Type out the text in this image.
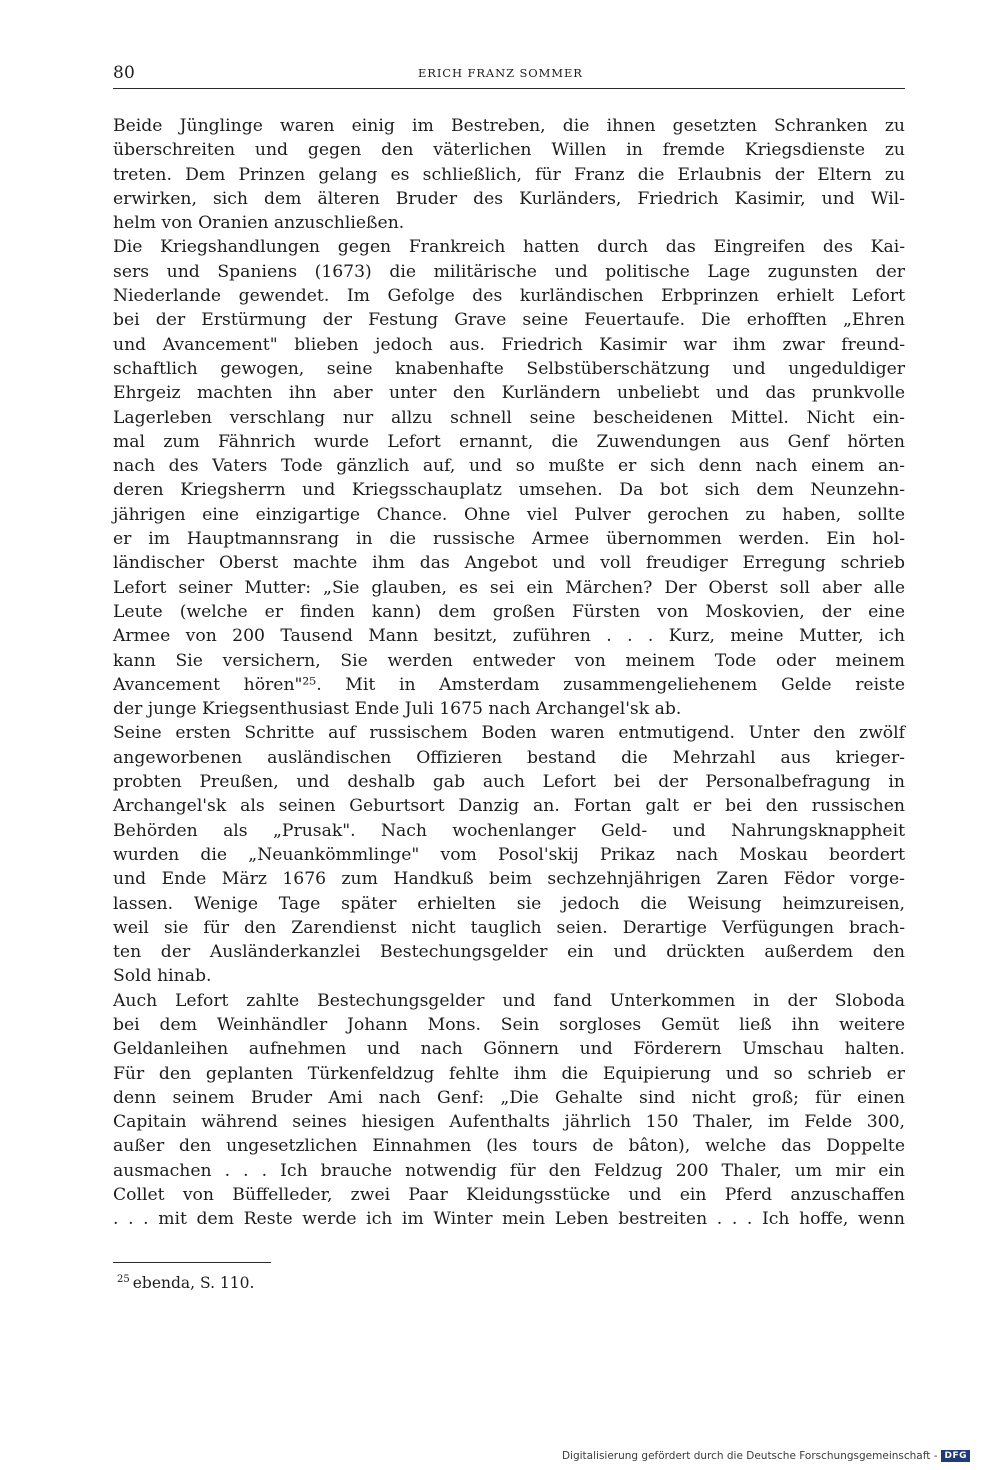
80	ERICH FRANZ SOMMER
Beide Jünglinge waren einig im Bestreben, die ihnen gesetzten Schranken zu
überschreiten und gegen den väterlichen Willen in fremde Kriegsdienste zu
treten. Dem Prinzen gelang es schließlich, für Franz die Erlaubnis der Eltern zu
erwirken, sich dem älteren Bruder des Kurländers, Friedrich Kasimir, und Wil-
helm von Oranien anzuschließen.
Die Kriegshandlungen gegen Frankreich hatten durch das Eingreifen des Kai-
sers und Spaniens (1673) die militärische und politische Lage zugunsten der
Niederlande gewendet. Im Gefolge des kurländischen Erbprinzen erhielt Lefort
bei der Erstürmung der Festung Grave seine Feuertaufe. Die erhofften „Ehren
und Avancement" blieben jedoch aus. Friedrich Kasimir war ihm zwar freund-
schaftlich gewogen, seine knabenhafte Selbstüberschätzung und ungeduldiger
Ehrgeiz machten ihn aber unter den Kurländern unbeliebt und das prunkvolle
Lagerleben verschlang nur allzu schnell seine bescheidenen Mittel. Nicht ein-
mal zum Fähnrich wurde Lefort ernannt, die Zuwendungen aus Genf hörten
nach des Vaters Tode gänzlich auf, und so mußte er sich denn nach einem an-
deren Kriegsherrn und Kriegsschauplatz umsehen. Da bot sich dem Neunzehn-
jährigen eine einzigartige Chance. Ohne viel Pulver gerochen zu haben, sollte
er im Hauptmannsrang in die russische Armee übernommen werden. Ein hol-
ländischer Oberst machte ihm das Angebot und voll freudiger Erregung schrieb
Lefort seiner Mutter: „Sie glauben, es sei ein Märchen? Der Oberst soll aber alle
Leute (welche er finden kann) dem großen Fürsten von Moskovien, der eine
Armee von 200 Tausend Mann besitzt, zuführen . . . Kurz, meine Mutter, ich
kann Sie versichern, Sie werden entweder von meinem Tode oder meinem
Avancement hören"²⁵. Mit in Amsterdam zusammengeliehenem Gelde reiste
der junge Kriegsenthusiast Ende Juli 1675 nach Archangel'sk ab.
Seine ersten Schritte auf russischem Boden waren entmutigend. Unter den zwölf
angeworbenen ausländischen Offizieren bestand die Mehrzahl aus krieger-
probten Preußen, und deshalb gab auch Lefort bei der Personalbefragung in
Archangel'sk als seinen Geburtsort Danzig an. Fortan galt er bei den russischen
Behörden als „Prusak". Nach wochenlanger Geld- und Nahrungsknappheit
wurden die „Neuankömmlinge" vom Posol'skij Prikaz nach Moskau beordert
und Ende März 1676 zum Handkuß beim sechzehnjährigen Zaren Fëdor vorge-
lassen. Wenige Tage später erhielten sie jedoch die Weisung heimzureisen,
weil sie für den Zarendienst nicht tauglich seien. Derartige Verfügungen brach-
ten der Ausländerkanzlei Bestechungsgelder ein und drückten außerdem den
Sold hinab.
Auch Lefort zahlte Bestechungsgelder und fand Unterkommen in der Sloboda
bei dem Weinhändler Johann Mons. Sein sorgloses Gemüt ließ ihn weitere
Geldanleihen aufnehmen und nach Gönnern und Förderern Umschau halten.
Für den geplanten Türkenfeldzug fehlte ihm die Equipierung und so schrieb er
denn seinem Bruder Ami nach Genf: „Die Gehalte sind nicht groß; für einen
Capitain während seines hiesigen Aufenthalts jährlich 150 Thaler, im Felde 300,
außer den ungesetzlichen Einnahmen (les tours de bâton), welche das Doppelte
ausmachen . . . Ich brauche notwendig für den Feldzug 200 Thaler, um mir ein
Collet von Büffelleder, zwei Paar Kleidungsstücke und ein Pferd anzuschaffen
. . . mit dem Reste werde ich im Winter mein Leben bestreiten . . . Ich hoffe, wenn
$^{25}$ ebenda, S. 110.
Digitalisierung gefördert durch die Deutsche Forschungsgemeinschaft - DFG
